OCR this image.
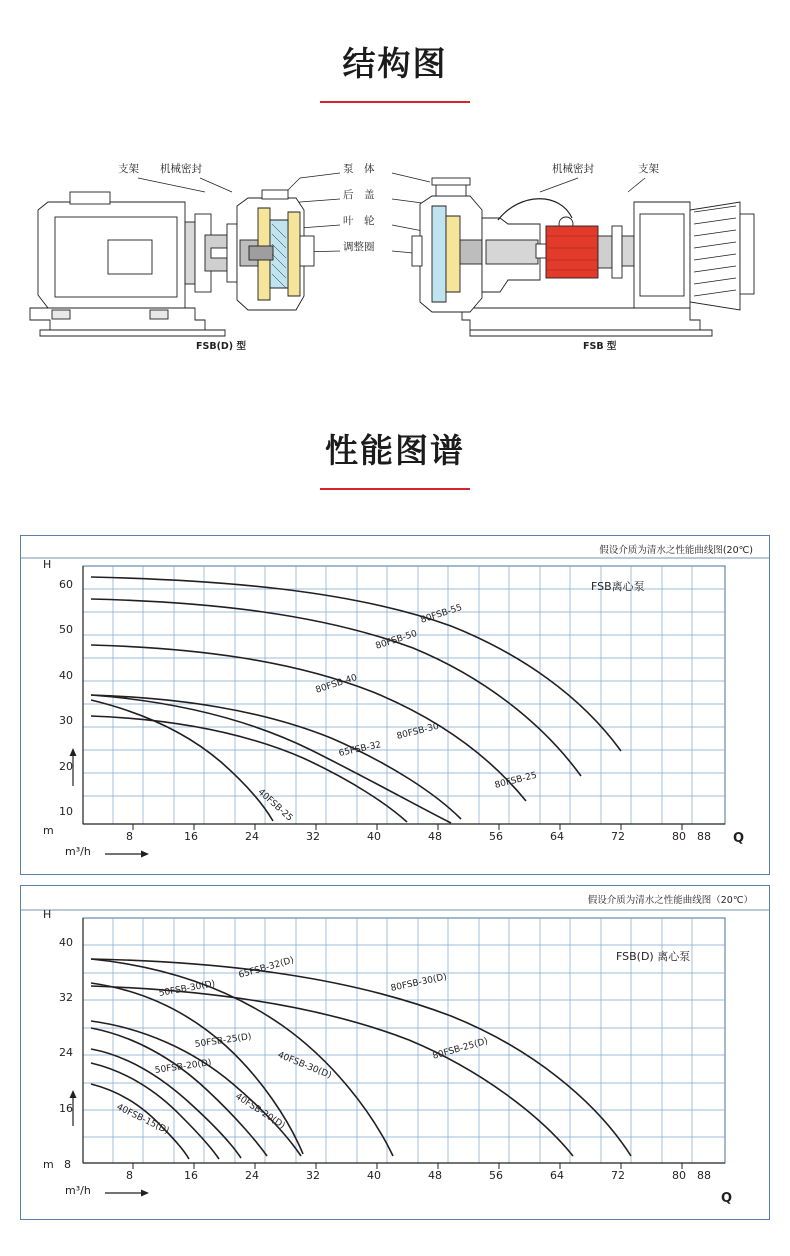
结构图
支架 机械密封	泵　体
后　盖
叶　轮
调整圈
机械密封	支架
FSB(D) 型	FSB 型
性能图谱
假设介质为清水之性能曲线图(20℃)
FSB离心泵
H
m
Q
m³/h
60
50
40
30
20
10
8	16	24	32	40	48	56	64	72	80 88
80FSB-55
80FSB-50
80FSB-40
80FSB-30
65FSB-32
80FSB-25
40FSB-25
假设介质为清水之性能曲线图（20℃）
FSB(D) 离心泵
H
m
Q
m³/h
40
32
24
16
8
8	16	24	32	40	48	56	64	72	80 88
80FSB-30(D)
80FSB-25(D)
65FSB-32(D)
50FSB-30(D)
40FSB-30(D)
50FSB-25(D)
50FSB-20(D)
40FSB-20(D)
40FSB-15(D)
